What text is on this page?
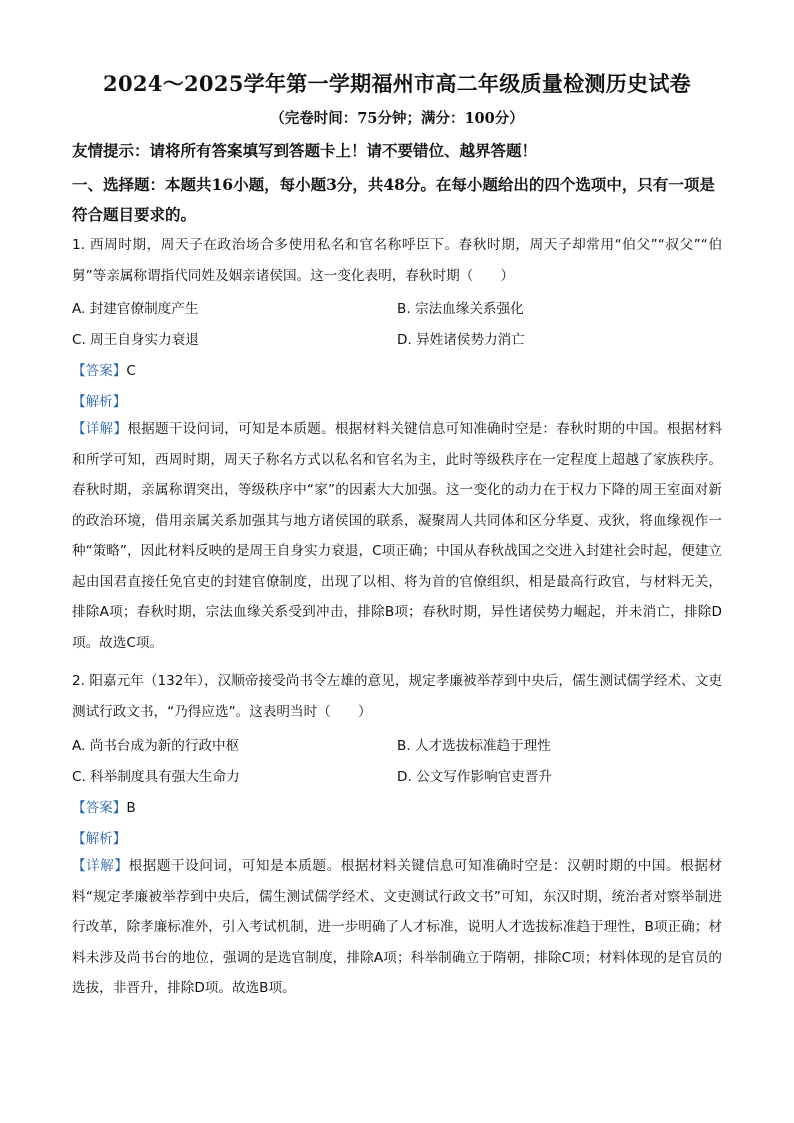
2024～2025学年第一学期福州市高二年级质量检测历史试卷
（完卷时间：75分钟；满分：100分）
友情提示：请将所有答案填写到答题卡上！请不要错位、越界答题！
一、选择题：本题共16小题，每小题3分，共48分。在每小题给出的四个选项中，只有一项是符合题目要求的。
1. 西周时期，周天子在政治场合多使用私名和官名称呼臣下。春秋时期，周天子却常用“伯父”“叔父”“伯舅”等亲属称谓指代同姓及姻亲诸侯国。这一变化表明，春秋时期（　　）
A. 封建官僚制度产生	B. 宗法血缘关系强化
C. 周王自身实力衰退	D. 异姓诸侯势力消亡
【答案】C
【解析】
【详解】根据题干设问词，可知是本质题。根据材料关键信息可知准确时空是：春秋时期的中国。根据材料和所学可知，西周时期，周天子称名方式以私名和官名为主，此时等级秩序在一定程度上超越了家族秩序。春秋时期，亲属称谓突出，等级秩序中“家”的因素大大加强。这一变化的动力在于权力下降的周王室面对新的政治环境，借用亲属关系加强其与地方诸侯国的联系，凝聚周人共同体和区分华夏、戎狄，将血缘视作一种“策略”，因此材料反映的是周王自身实力衰退，C项正确；中国从春秋战国之交进入封建社会时起，便建立起由国君直接任免官吏的封建官僚制度，出现了以相、将为首的官僚组织，相是最高行政官，与材料无关，排除A项；春秋时期，宗法血缘关系受到冲击，排除B项；春秋时期，异性诸侯势力崛起，并未消亡，排除D项。故选C项。
2. 阳嘉元年（132年），汉顺帝接受尚书令左雄的意见，规定孝廉被举荐到中央后，儒生测试儒学经术、文吏测试行政文书，“乃得应选”。这表明当时（　　）
A. 尚书台成为新的行政中枢	B. 人才选拔标准趋于理性
C. 科举制度具有强大生命力	D. 公文写作影响官吏晋升
【答案】B
【解析】
【详解】根据题干设问词，可知是本质题。根据材料关键信息可知准确时空是：汉朝时期的中国。根据材料“规定孝廉被举荐到中央后，儒生测试儒学经术、文吏测试行政文书”可知，东汉时期，统治者对察举制进行改革，除孝廉标准外，引入考试机制，进一步明确了人才标准，说明人才选拔标准趋于理性，B项正确；材料未涉及尚书台的地位，强调的是选官制度，排除A项；科举制确立于隋朝，排除C项；材料体现的是官员的选拔，非晋升，排除D项。故选B项。
